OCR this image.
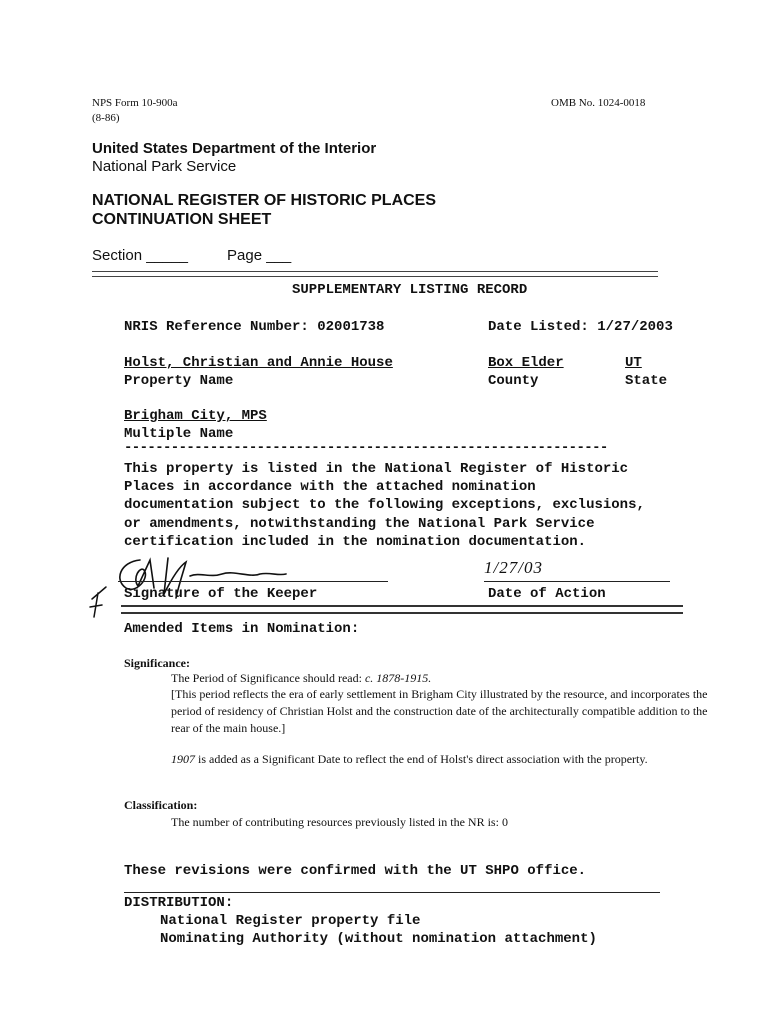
NPS Form 10-900a
(8-86)
OMB No. 1024-0018
United States Department of the Interior
National Park Service
NATIONAL REGISTER OF HISTORIC PLACES
CONTINUATION SHEET
Section _____	Page ___
SUPPLEMENTARY LISTING RECORD
NRIS Reference Number: 02001738	Date Listed: 1/27/2003
Holst, Christian and Annie House
Property Name
Box Elder
County
UT
State
Brigham City, MPS
Multiple Name
--------------------------------------------------------------
This property is listed in the National Register of Historic
Places in accordance with the attached nomination
documentation subject to the following exceptions, exclusions,
or amendments, notwithstanding the National Park Service
certification included in the nomination documentation.
1/27/03
Signature of the Keeper	Date of Action
Amended Items in Nomination:
Significance:
The Period of Significance should read: c. 1878-1915.
[This period reflects the era of early settlement in Brigham City illustrated by the resource, and incorporates the period of residency of Christian Holst and the construction date of the architecturally compatible addition to the rear of the main house.]
1907 is added as a Significant Date to reflect the end of Holst's direct association with the property.
Classification:
The number of contributing resources previously listed in the NR is: 0
These revisions were confirmed with the UT SHPO office.
DISTRIBUTION:
National Register property file
Nominating Authority (without nomination attachment)
